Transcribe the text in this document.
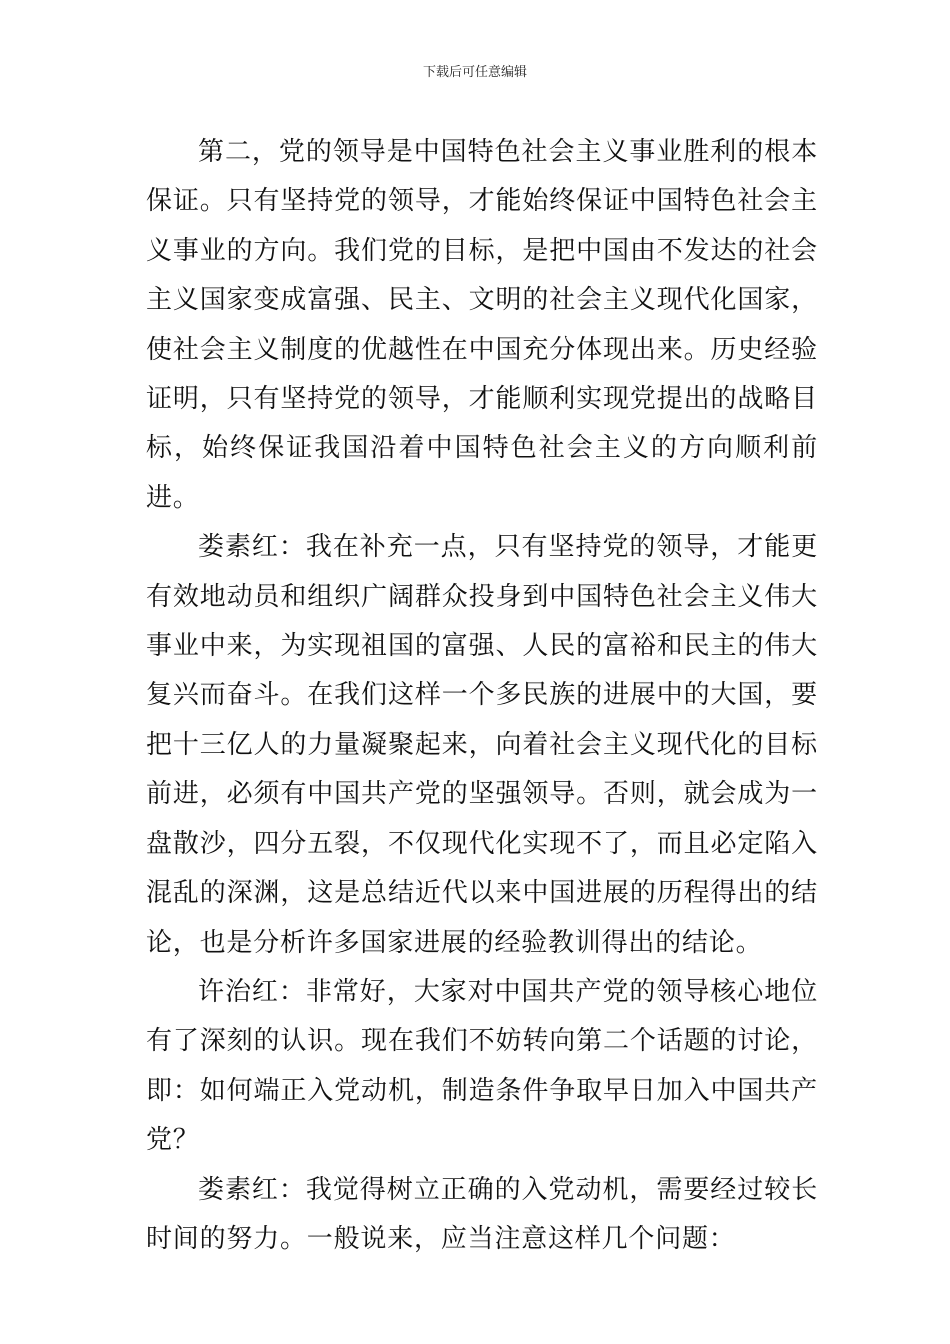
下载后可任意编辑

第二，党的领导是中国特色社会主义事业胜利的根本保证。只有坚持党的领导，才能始终保证中国特色社会主义事业的方向。我们党的目标，是把中国由不发达的社会主义国家变成富强、民主、文明的社会主义现代化国家，使社会主义制度的优越性在中国充分体现出来。历史经验证明，只有坚持党的领导，才能顺利实现党提出的战略目标，始终保证我国沿着中国特色社会主义的方向顺利前进。

娄素红：我在补充一点，只有坚持党的领导，才能更有效地动员和组织广阔群众投身到中国特色社会主义伟大事业中来，为实现祖国的富强、人民的富裕和民主的伟大复兴而奋斗。在我们这样一个多民族的进展中的大国，要把十三亿人的力量凝聚起来，向着社会主义现代化的目标前进，必须有中国共产党的坚强领导。否则，就会成为一盘散沙，四分五裂，不仅现代化实现不了，而且必定陷入混乱的深渊，这是总结近代以来中国进展的历程得出的结论，也是分析许多国家进展的经验教训得出的结论。

许治红：非常好，大家对中国共产党的领导核心地位有了深刻的认识。现在我们不妨转向第二个话题的讨论，即：如何端正入党动机，制造条件争取早日加入中国共产党？

娄素红：我觉得树立正确的入党动机，需要经过较长时间的努力。一般说来，应当注意这样几个问题：
